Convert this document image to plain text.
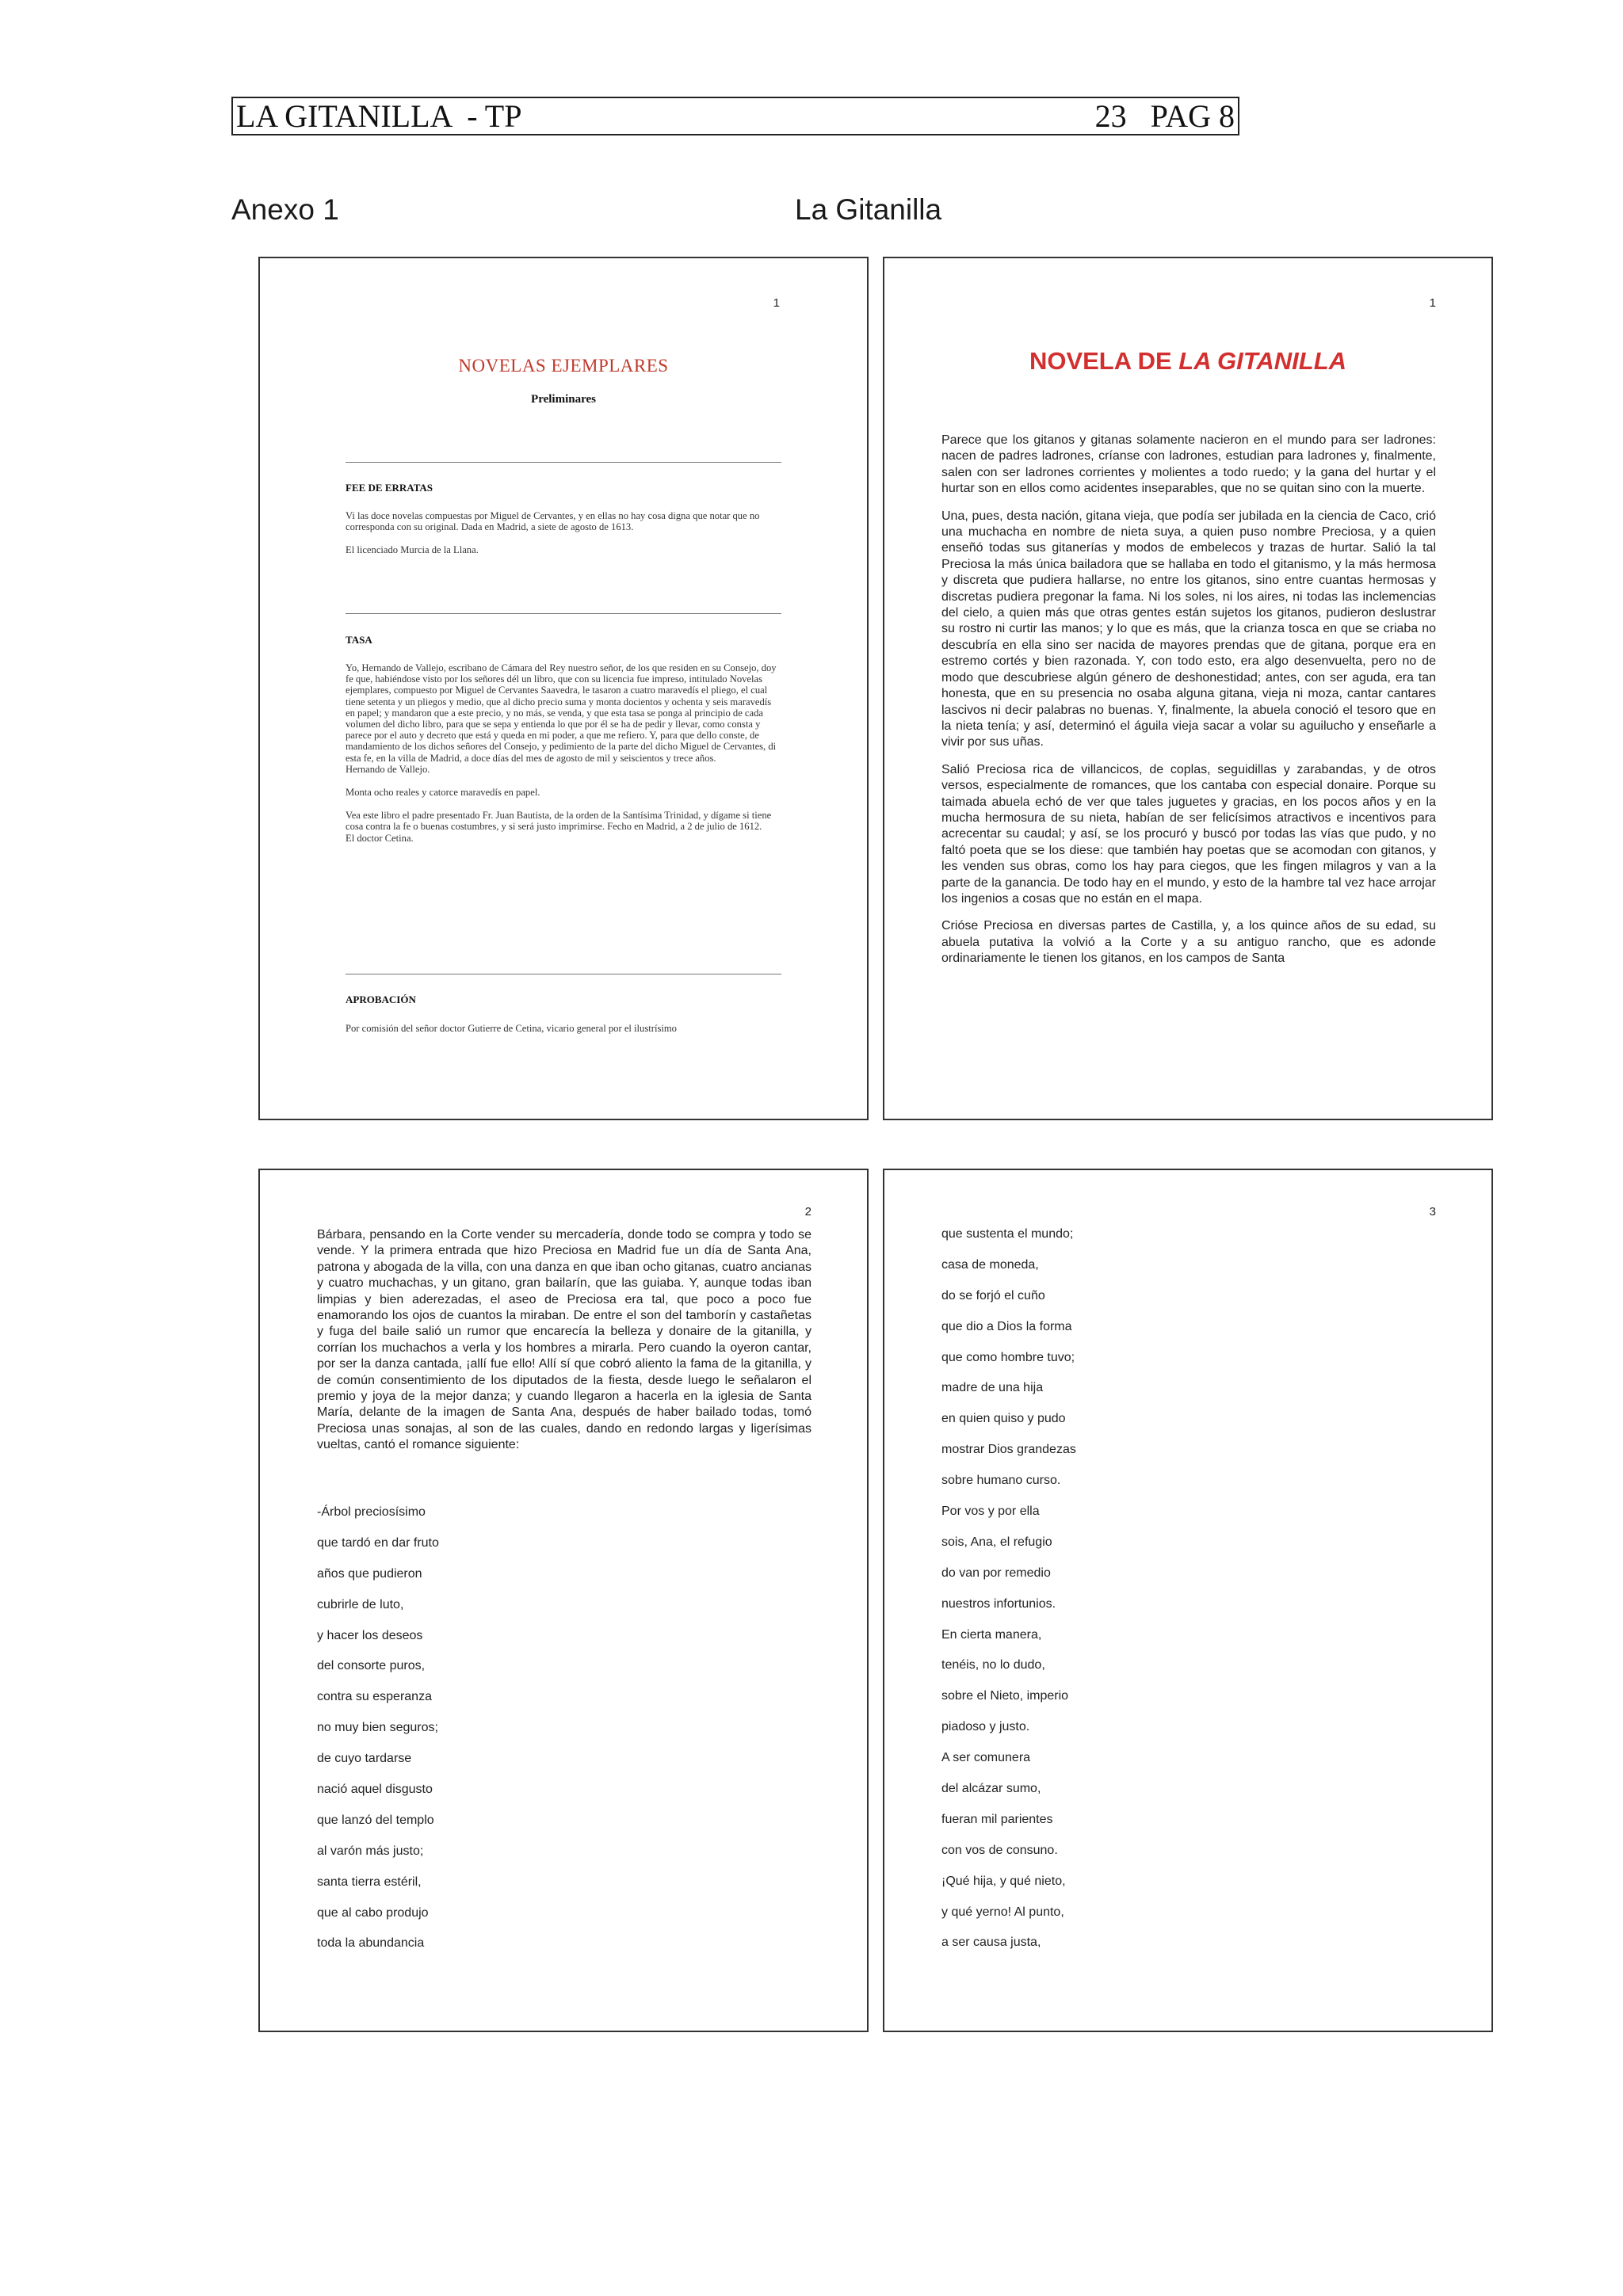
LA GITANILLA  - TP	23   PAG 8
Anexo 1	La Gitanilla
1
NOVELAS EJEMPLARES
Preliminares
FEE DE ERRATAS

Vi las doce novelas compuestas por Miguel de Cervantes, y en ellas no hay cosa digna que notar que no corresponda con su original. Dada en Madrid, a siete de agosto de 1613.

El licenciado Murcia de la Llana.

TASA

Yo, Hernando de Vallejo, escribano de Cámara del Rey nuestro señor, de los que residen en su Consejo, doy fe que, habiéndose visto por los señores dél un libro, que con su licencia fue impreso, intitulado Novelas ejemplares, compuesto por Miguel de Cervantes Saavedra, le tasaron a cuatro maravedís el pliego, el cual tiene setenta y un pliegos y medio, que al dicho precio suma y monta docientos y ochenta y seis maravedís en papel; y mandaron que a este precio, y no más, se venda, y que esta tasa se ponga al principio de cada volumen del dicho libro, para que se sepa y entienda lo que por él se ha de pedir y llevar, como consta y parece por el auto y decreto que está y queda en mi poder, a que me refiero. Y, para que dello conste, de mandamiento de los dichos señores del Consejo, y pedimiento de la parte del dicho Miguel de Cervantes, di esta fe, en la villa de Madrid, a doce días del mes de agosto de mil y seiscientos y trece años.

Hernando de Vallejo.

Monta ocho reales y catorce maravedís en papel.

Vea este libro el padre presentado Fr. Juan Bautista, de la orden de la Santísima Trinidad, y dígame si tiene cosa contra la fe o buenas costumbres, y si será justo imprimirse. Fecho en Madrid, a 2 de julio de 1612.

El doctor Cetina.

APROBACIÓN

Por comisión del señor doctor Gutierre de Cetina, vicario general por el ilustrísimo

1
NOVELA DE LA GITANILLA

Parece que los gitanos y gitanas solamente nacieron en el mundo para ser ladrones: nacen de padres ladrones, críanse con ladrones, estudian para ladrones y, finalmente, salen con ser ladrones corrientes y molientes a todo ruedo; y la gana del hurtar y el hurtar son en ellos como acidentes inseparables, que no se quitan sino con la muerte.

Una, pues, desta nación, gitana vieja, que podía ser jubilada en la ciencia de Caco, crió una muchacha en nombre de nieta suya, a quien puso nombre Preciosa, y a quien enseñó todas sus gitanerías y modos de embelecos y trazas de hurtar. Salió la tal Preciosa la más única bailadora que se hallaba en todo el gitanismo, y la más hermosa y discreta que pudiera hallarse, no entre los gitanos, sino entre cuantas hermosas y discretas pudiera pregonar la fama. Ni los soles, ni los aires, ni todas las inclemencias del cielo, a quien más que otras gentes están sujetos los gitanos, pudieron deslustrar su rostro ni curtir las manos; y lo que es más, que la crianza tosca en que se criaba no descubría en ella sino ser nacida de mayores prendas que de gitana, porque era en estremo cortés y bien razonada. Y, con todo esto, era algo desenvuelta, pero no de modo que descubriese algún género de deshonestidad; antes, con ser aguda, era tan honesta, que en su presencia no osaba alguna gitana, vieja ni moza, cantar cantares lascivos ni decir palabras no buenas. Y, finalmente, la abuela conoció el tesoro que en la nieta tenía; y así, determinó el águila vieja sacar a volar su aguilucho y enseñarle a vivir por sus uñas.

Salió Preciosa rica de villancicos, de coplas, seguidillas y zarabandas, y de otros versos, especialmente de romances, que los cantaba con especial donaire. Porque su taimada abuela echó de ver que tales juguetes y gracias, en los pocos años y en la mucha hermosura de su nieta, habían de ser felicísimos atractivos e incentivos para acrecentar su caudal; y así, se los procuró y buscó por todas las vías que pudo, y no faltó poeta que se los diese: que también hay poetas que se acomodan con gitanos, y les venden sus obras, como los hay para ciegos, que les fingen milagros y van a la parte de la ganancia. De todo hay en el mundo, y esto de la hambre tal vez hace arrojar los ingenios a cosas que no están en el mapa.

Crióse Preciosa en diversas partes de Castilla, y, a los quince años de su edad, su abuela putativa la volvió a la Corte y a su antiguo rancho, que es adonde ordinariamente le tienen los gitanos, en los campos de Santa

2

Bárbara, pensando en la Corte vender su mercadería, donde todo se compra y todo se vende. Y la primera entrada que hizo Preciosa en Madrid fue un día de Santa Ana, patrona y abogada de la villa, con una danza en que iban ocho gitanas, cuatro ancianas y cuatro muchachas, y un gitano, gran bailarín, que las guiaba. Y, aunque todas iban limpias y bien aderezadas, el aseo de Preciosa era tal, que poco a poco fue enamorando los ojos de cuantos la miraban. De entre el son del tamborín y castañetas y fuga del baile salió un rumor que encarecía la belleza y donaire de la gitanilla, y corrían los muchachos a verla y los hombres a mirarla. Pero cuando la oyeron cantar, por ser la danza cantada, ¡allí fue ello! Allí sí que cobró aliento la fama de la gitanilla, y de común consentimiento de los diputados de la fiesta, desde luego le señalaron el premio y joya de la mejor danza; y cuando llegaron a hacerla en la iglesia de Santa María, delante de la imagen de Santa Ana, después de haber bailado todas, tomó Preciosa unas sonajas, al son de las cuales, dando en redondo largas y ligerísimas vueltas, cantó el romance siguiente:

-Árbol preciosísimo
que tardó en dar fruto
años que pudieron
cubrirle de luto,
y hacer los deseos
del consorte puros,
contra su esperanza
no muy bien seguros;
de cuyo tardarse
nació aquel disgusto
que lanzó del templo
al varón más justo;
santa tierra estéril,
que al cabo produjo
toda la abundancia
3
que sustenta el mundo;
casa de moneda,
do se forjó el cuño
que dio a Dios la forma
que como hombre tuvo;
madre de una hija
en quien quiso y pudo
mostrar Dios grandezas
sobre humano curso.
Por vos y por ella
sois, Ana, el refugio
do van por remedio
nuestros infortunios.
En cierta manera,
tenéis, no lo dudo,
sobre el Nieto, imperio
piadoso y justo.
A ser comunera
del alcázar sumo,
fueran mil parientes
con vos de consuno.
¡Qué hija, y qué nieto,
y qué yerno! Al punto,
a ser causa justa,
